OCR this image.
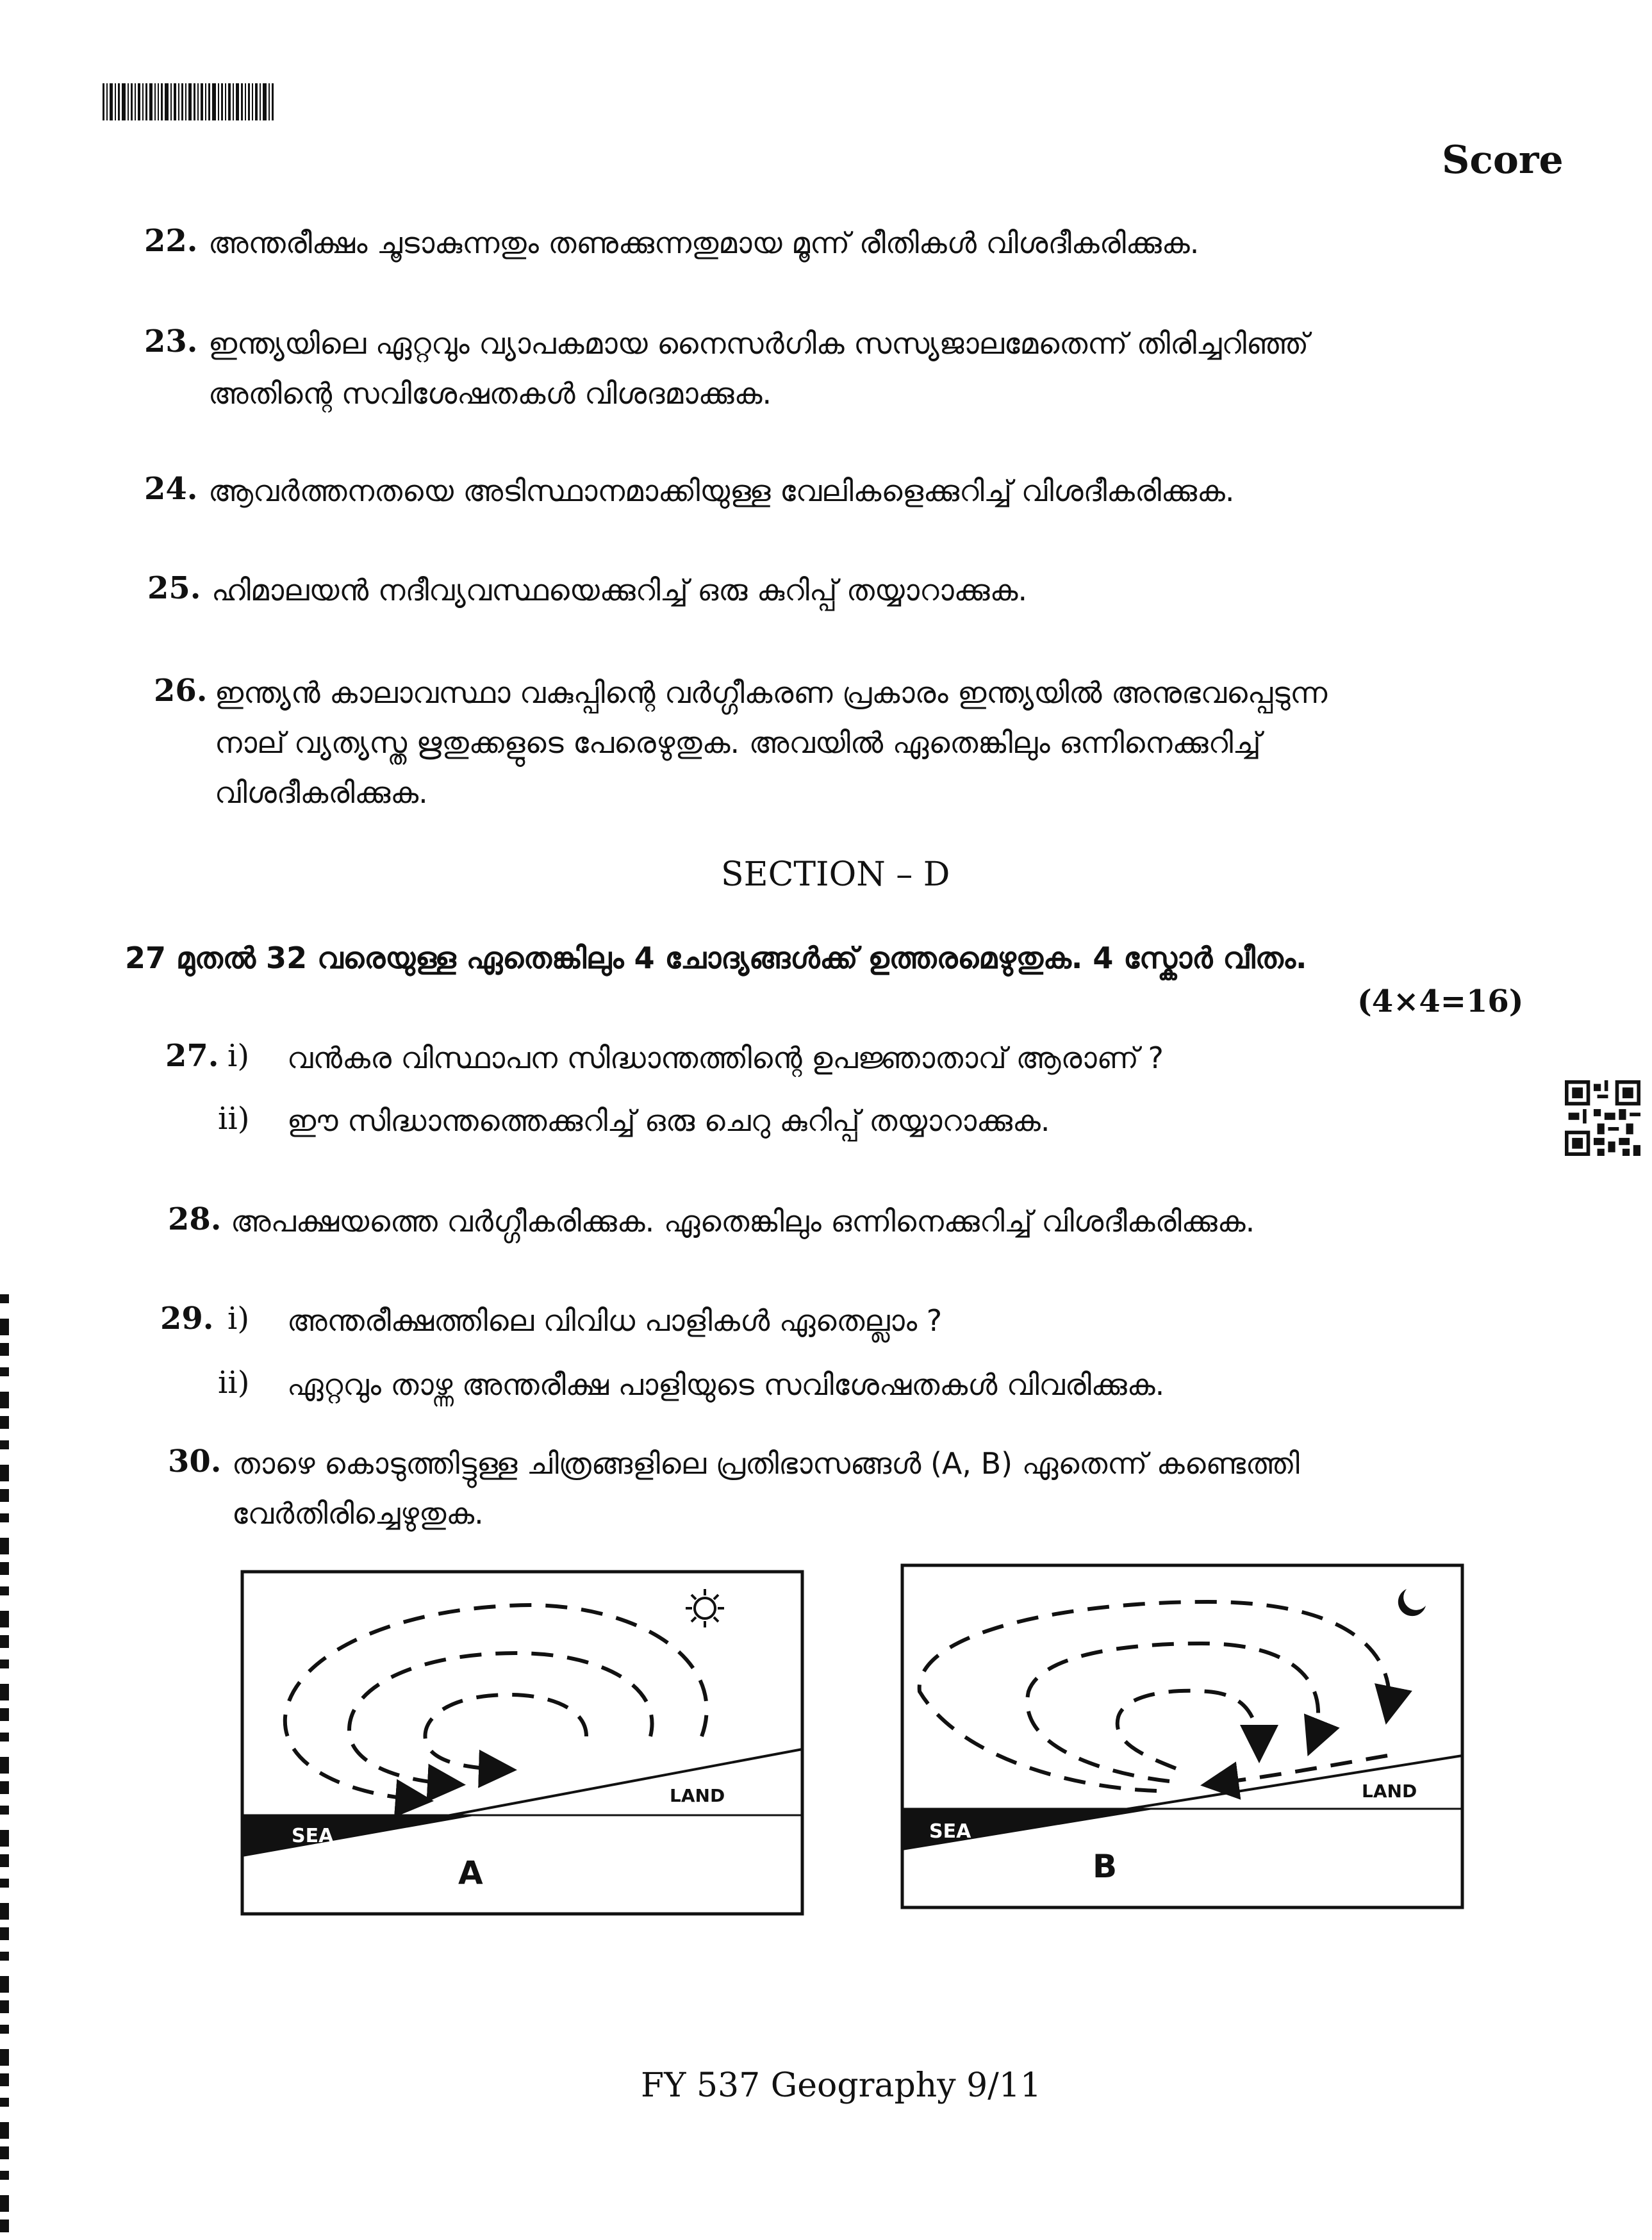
Score
22. അന്തരീക്ഷം ചൂടാകുന്നതും തണുക്കുന്നതുമായ മൂന്ന് രീതികൾ വിശദീകരിക്കുക.
23. ഇന്ത്യയിലെ ഏറ്റവും വ്യാപകമായ നൈസർഗിക സസ്യജാലമേതെന്ന് തിരിച്ചറിഞ്ഞ്
അതിന്റെ സവിശേഷതകൾ വിശദമാക്കുക.
24. ആവർത്തനതയെ അടിസ്ഥാനമാക്കിയുള്ള വേലികളെക്കുറിച്ച് വിശദീകരിക്കുക.
25. ഹിമാലയൻ നദീവ്യവസ്ഥയെക്കുറിച്ച് ഒരു കുറിപ്പ് തയ്യാറാക്കുക.
26. ഇന്ത്യൻ കാലാവസ്ഥാ വകുപ്പിന്റെ വർഗ്ഗീകരണ പ്രകാരം ഇന്ത്യയിൽ അനുഭവപ്പെടുന്ന
നാല് വ്യത്യസ്ത ഋതുക്കളുടെ പേരെഴുതുക. അവയിൽ ഏതെങ്കിലും ഒന്നിനെക്കുറിച്ച്
വിശദീകരിക്കുക.
SECTION – D
27 മുതൽ 32 വരെയുള്ള ഏതെങ്കിലും 4 ചോദ്യങ്ങൾക്ക് ഉത്തരമെഴുതുക. 4 സ്കോർ വീതം.
(4×4=16)
27. i) വൻകര വിസ്ഥാപന സിദ്ധാന്തത്തിന്റെ ഉപജ്ഞാതാവ് ആരാണ് ?
ii) ഈ സിദ്ധാന്തത്തെക്കുറിച്ച് ഒരു ചെറു കുറിപ്പ് തയ്യാറാക്കുക.
28. അപക്ഷയത്തെ വർഗ്ഗീകരിക്കുക. ഏതെങ്കിലും ഒന്നിനെക്കുറിച്ച് വിശദീകരിക്കുക.
29. i) അന്തരീക്ഷത്തിലെ വിവിധ പാളികൾ ഏതെല്ലാം ?
ii) ഏറ്റവും താഴ്ന്ന അന്തരീക്ഷ പാളിയുടെ സവിശേഷതകൾ വിവരിക്കുക.
30. താഴെ കൊടുത്തിട്ടുള്ള ചിത്രങ്ങളിലെ പ്രതിഭാസങ്ങൾ (A, B) ഏതെന്ന് കണ്ടെത്തി
വേർതിരിച്ചെഴുതുക.
SEA
LAND
A
SEA
LAND
B
FY 537 Geography 9/11
